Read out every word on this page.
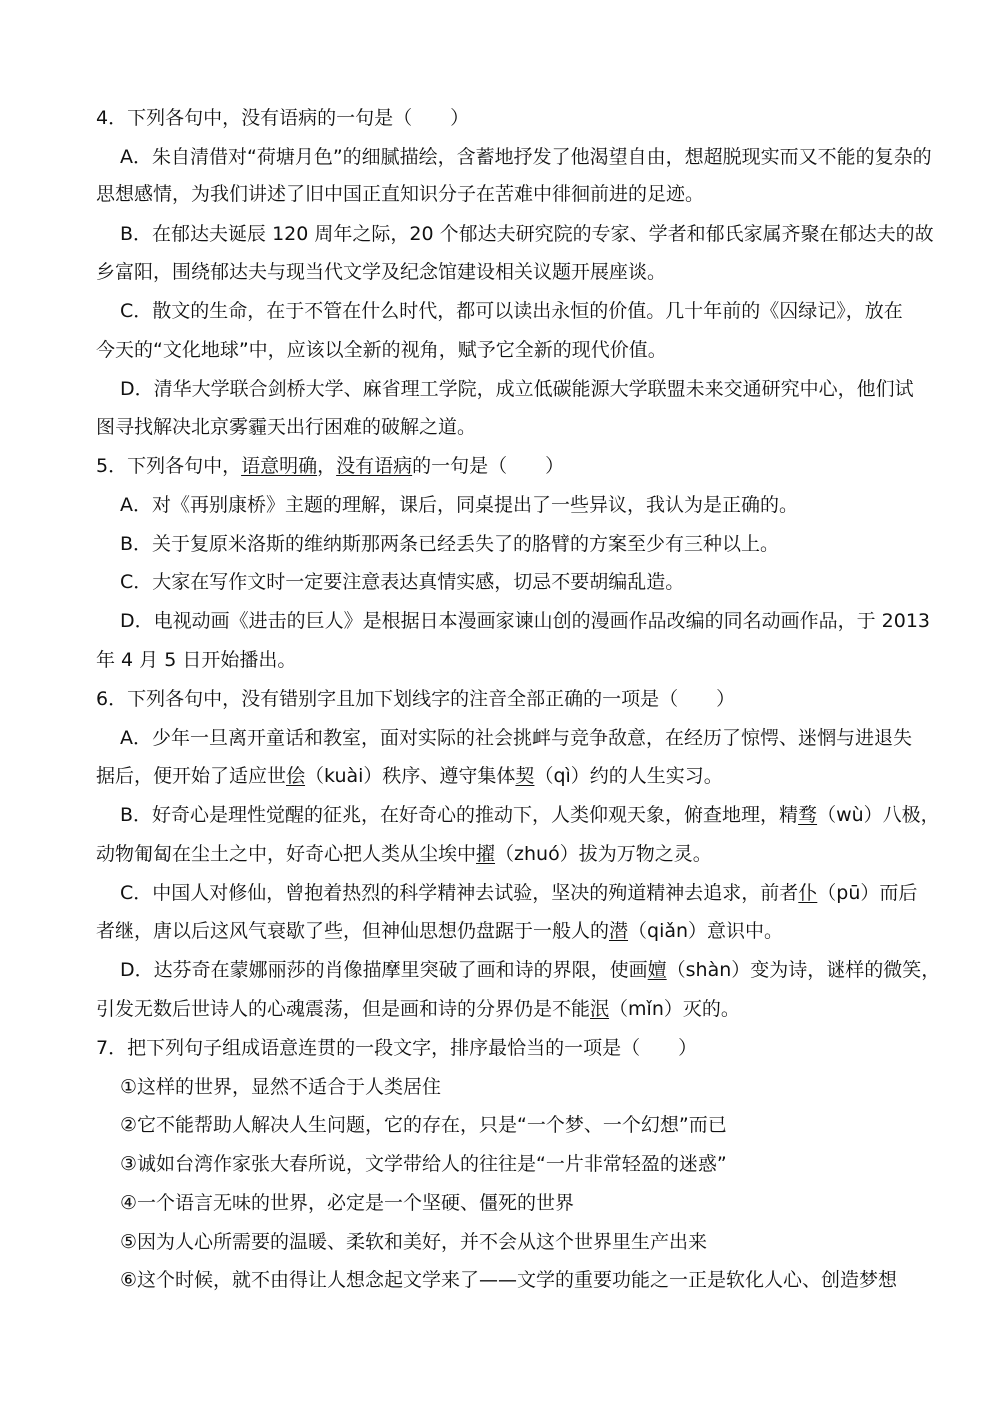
4．下列各句中，没有语病的一句是（　　）
A．朱自清借对“荷塘月色”的细腻描绘，含蓄地抒发了他渴望自由，想超脱现实而又不能的复杂的
思想感情，为我们讲述了旧中国正直知识分子在苦难中徘徊前进的足迹。
B．在郁达夫诞辰 120 周年之际，20 个郁达夫研究院的专家、学者和郁氏家属齐聚在郁达夫的故
乡富阳，围绕郁达夫与现当代文学及纪念馆建设相关议题开展座谈。
C．散文的生命，在于不管在什么时代，都可以读出永恒的价值。几十年前的《囚绿记》，放在
今天的“文化地球”中，应该以全新的视角，赋予它全新的现代价值。
D．清华大学联合剑桥大学、麻省理工学院，成立低碳能源大学联盟未来交通研究中心，他们试
图寻找解决北京雾霾天出行困难的破解之道。
5．下列各句中，语意明确，没有语病的一句是（　　）
A．对《再别康桥》主题的理解，课后，同桌提出了一些异议，我认为是正确的。
B．关于复原米洛斯的维纳斯那两条已经丢失了的胳臂的方案至少有三种以上。
C．大家在写作文时一定要注意表达真情实感，切忌不要胡编乱造。
D．电视动画《进击的巨人》是根据日本漫画家谏山创的漫画作品改编的同名动画作品，于 2013
年 4 月 5 日开始播出。
6．下列各句中，没有错别字且加下划线字的注音全部正确的一项是（　　）
A．少年一旦离开童话和教室，面对实际的社会挑衅与竞争敌意，在经历了惊愕、迷惘与进退失
据后，便开始了适应世侩（kuài）秩序、遵守集体契（qì）约的人生实习。
B．好奇心是理性觉醒的征兆，在好奇心的推动下，人类仰观天象，俯查地理，精骛（wù）八极，
动物匍匐在尘土之中，好奇心把人类从尘埃中擢（zhuó）拔为万物之灵。
C．中国人对修仙，曾抱着热烈的科学精神去试验，坚决的殉道精神去追求，前者仆（pū）而后
者继，唐以后这风气衰歇了些，但神仙思想仍盘踞于一般人的潜（qiǎn）意识中。
D．达芬奇在蒙娜丽莎的肖像描摩里突破了画和诗的界限，使画嬗（shàn）变为诗，谜样的微笑，
引发无数后世诗人的心魂震荡，但是画和诗的分界仍是不能泯（mǐn）灭的。
7．把下列句子组成语意连贯的一段文字，排序最恰当的一项是（　　）
①这样的世界，显然不适合于人类居住
②它不能帮助人解决人生问题，它的存在，只是“一个梦、一个幻想”而已
③诚如台湾作家张大春所说，文学带给人的往往是“一片非常轻盈的迷惑”
④一个语言无味的世界，必定是一个坚硬、僵死的世界
⑤因为人心所需要的温暖、柔软和美好，并不会从这个世界里生产出来
⑥这个时候，就不由得让人想念起文学来了——文学的重要功能之一正是软化人心、创造梦想
